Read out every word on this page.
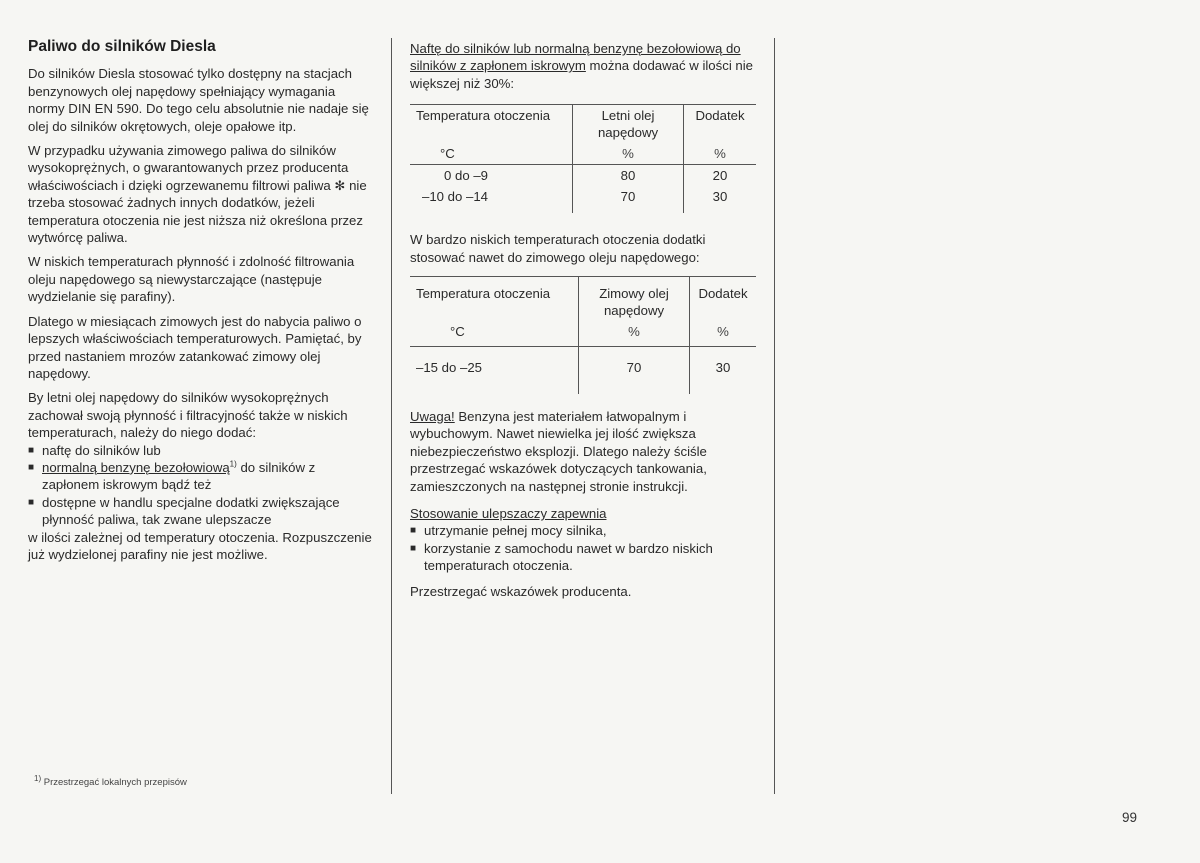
Paliwo do silników Diesla

Do silników Diesla stosować tylko dostępny na stacjach benzynowych olej napędowy spełniający wymagania normy DIN EN 590. Do tego celu absolutnie nie nadaje się olej do silników okrętowych, oleje opałowe itp.

W przypadku używania zimowego paliwa do silników wysokoprężnych, o gwarantowanych przez producenta właściwościach i dzięki ogrzewanemu filtrowi paliwa ✻ nie trzeba stosować żadnych innych dodatków, jeżeli temperatura otoczenia nie jest niższa niż określona przez wytwórcę paliwa.

W niskich temperaturach płynność i zdolność filtrowania oleju napędowego są niewystarczające (następuje wydzielanie się parafiny).

Dlatego w miesiącach zimowych jest do nabycia paliwo o lepszych właściwościach temperaturowych. Pamiętać, by przed nastaniem mrozów zatankować zimowy olej napędowy.

By letni olej napędowy do silników wysokoprężnych zachował swoją płynność i filtracyjność także w niskich temperaturach, należy do niego dodać:

■ naftę do silników lub
■ normalną benzynę bezołowiową$^{1)}$ do silników z zapłonem iskrowym bądź też
■ dostępne w handlu specjalne dodatki zwiększające płynność paliwa, tak zwane ulepszacze

w ilości zależnej od temperatury otoczenia. Rozpuszczenie już wydzielonej parafiny nie jest możliwe.

$^{1)}$ Przestrzegać lokalnych przepisów

Naftę do silników lub normalną benzynę bezołowiową do silników z zapłonem iskrowym można dodawać w ilości nie większej niż 30%:

Temperatura otoczenia	Letni olej napędowy	Dodatek
°C	%	%
0 do –9	80	20
–10 do –14	70	30

W bardzo niskich temperaturach otoczenia dodatki stosować nawet do zimowego oleju napędowego:

Temperatura otoczenia	Zimowy olej napędowy	Dodatek
°C	%	%
–15 do –25	70	30

Uwaga! Benzyna jest materiałem łatwopalnym i wybuchowym. Nawet niewielka jej ilość zwiększa niebezpieczeństwo eksplozji. Dlatego należy ściśle przestrzegać wskazówek dotyczących tankowania, zamieszczonych na następnej stronie instrukcji.

Stosowanie ulepszaczy zapewnia
■ utrzymanie pełnej mocy silnika,
■ korzystanie z samochodu nawet w bardzo niskich temperaturach otoczenia.

Przestrzegać wskazówek producenta.

99
